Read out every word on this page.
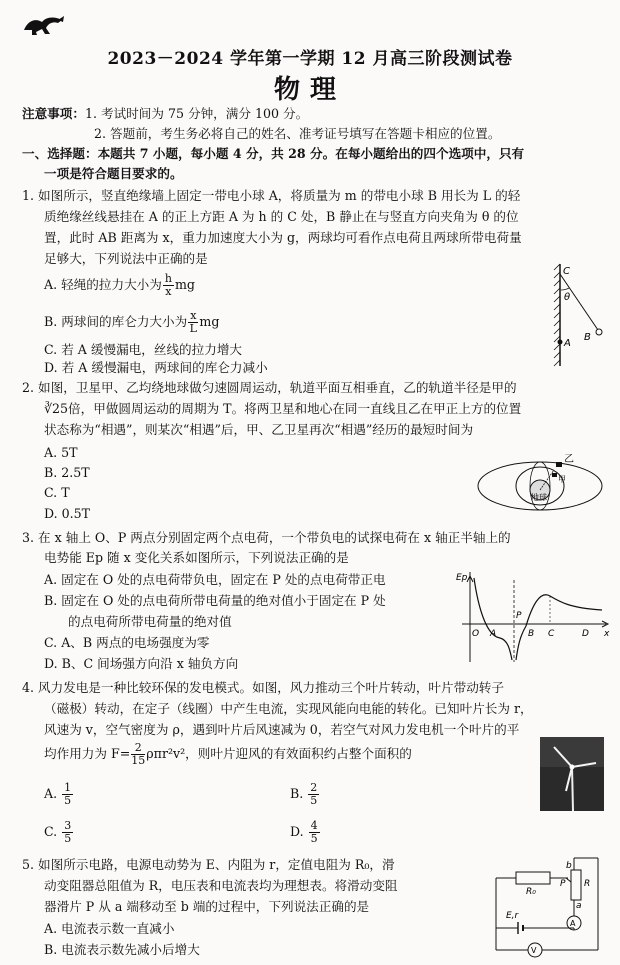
2023－2024 学年第一学期 12 月高三阶段测试卷
物理
注意事项：1. 考试时间为 75 分钟，满分 100 分。
2. 答题前，考生务必将自己的姓名、准考证号填写在答题卡相应的位置。
一、选择题：本题共 7 小题，每小题 4 分，共 28 分。在每小题给出的四个选项中，只有
一项是符合题目要求的。
1. 如图所示，竖直绝缘墙上固定一带电小球 A，将质量为 m 的带电小球 B 用长为 L 的轻
质绝缘丝线悬挂在 A 的正上方距 A 为 h 的 C 处，B 静止在与竖直方向夹角为 θ 的位
置，此时 AB 距离为 x，重力加速度大小为 g，两球均可看作点电荷且两球所带电荷量
足够大，下列说法中正确的是
A. 轻绳的拉力大小为 $\frac{h}{x}$ mg
B. 两球间的库仑力大小为 $\frac{x}{L}$ mg
C. 若 A 缓慢漏电，丝线的拉力增大
D. 若 A 缓慢漏电，两球间的库仑力减小
C
θ
B
A
2. 如图，卫星甲、乙均绕地球做匀速圆周运动，轨道平面互相垂直，乙的轨道半径是甲的
∛25倍，甲做圆周运动的周期为 T。将两卫星和地心在同一直线且乙在甲正上方的位置
状态称为“相遇”，则某次“相遇”后，甲、乙卫星再次“相遇”经历的最短时间为
A. 5T
B. 2.5T
C. T
D. 0.5T
乙
甲
地球
3. 在 x 轴上 O、P 两点分别固定两个点电荷，一个带负电的试探电荷在 x 轴正半轴上的
电势能 Ep 随 x 变化关系如图所示，下列说法正确的是
A. 固定在 O 处的点电荷带负电，固定在 P 处的点电荷带正电
B. 固定在 O 处的点电荷所带电荷量的绝对值小于固定在 P 处
的点电荷所带电荷量的绝对值
C. A、B 两点的电场强度为零
D. B、C 间场强方向沿 x 轴负方向
Ep
O A
P
B C	D x
4. 风力发电是一种比较环保的发电模式。如图，风力推动三个叶片转动，叶片带动转子
（磁极）转动，在定子（线圈）中产生电流，实现风能向电能的转化。已知叶片长为 r，
风速为 v，空气密度为 ρ，遇到叶片后风速减为 0，若空气对风力发电机一个叶片的平
均作用力为 $F= \frac{2}{15} \rho\pi r^2v^2$，则叶片迎风的有效面积约占整个面积的
A. $\frac{1}{5}$	B. $\frac{2}{5}$
C. $\frac{3}{5}$	D. $\frac{4}{5}$
5. 如图所示电路，电源电动势为 E、内阻为 r，定值电阻为 R₀，滑
动变阻器总阻值为 R，电压表和电流表均为理想表。将滑动变阻
器滑片 P 从 a 端移动至 b 端的过程中，下列说法正确的是
A. 电流表示数一直减小
B. 电流表示数先减小后增大
R₀
R
P
a
b
E,r
A
V
